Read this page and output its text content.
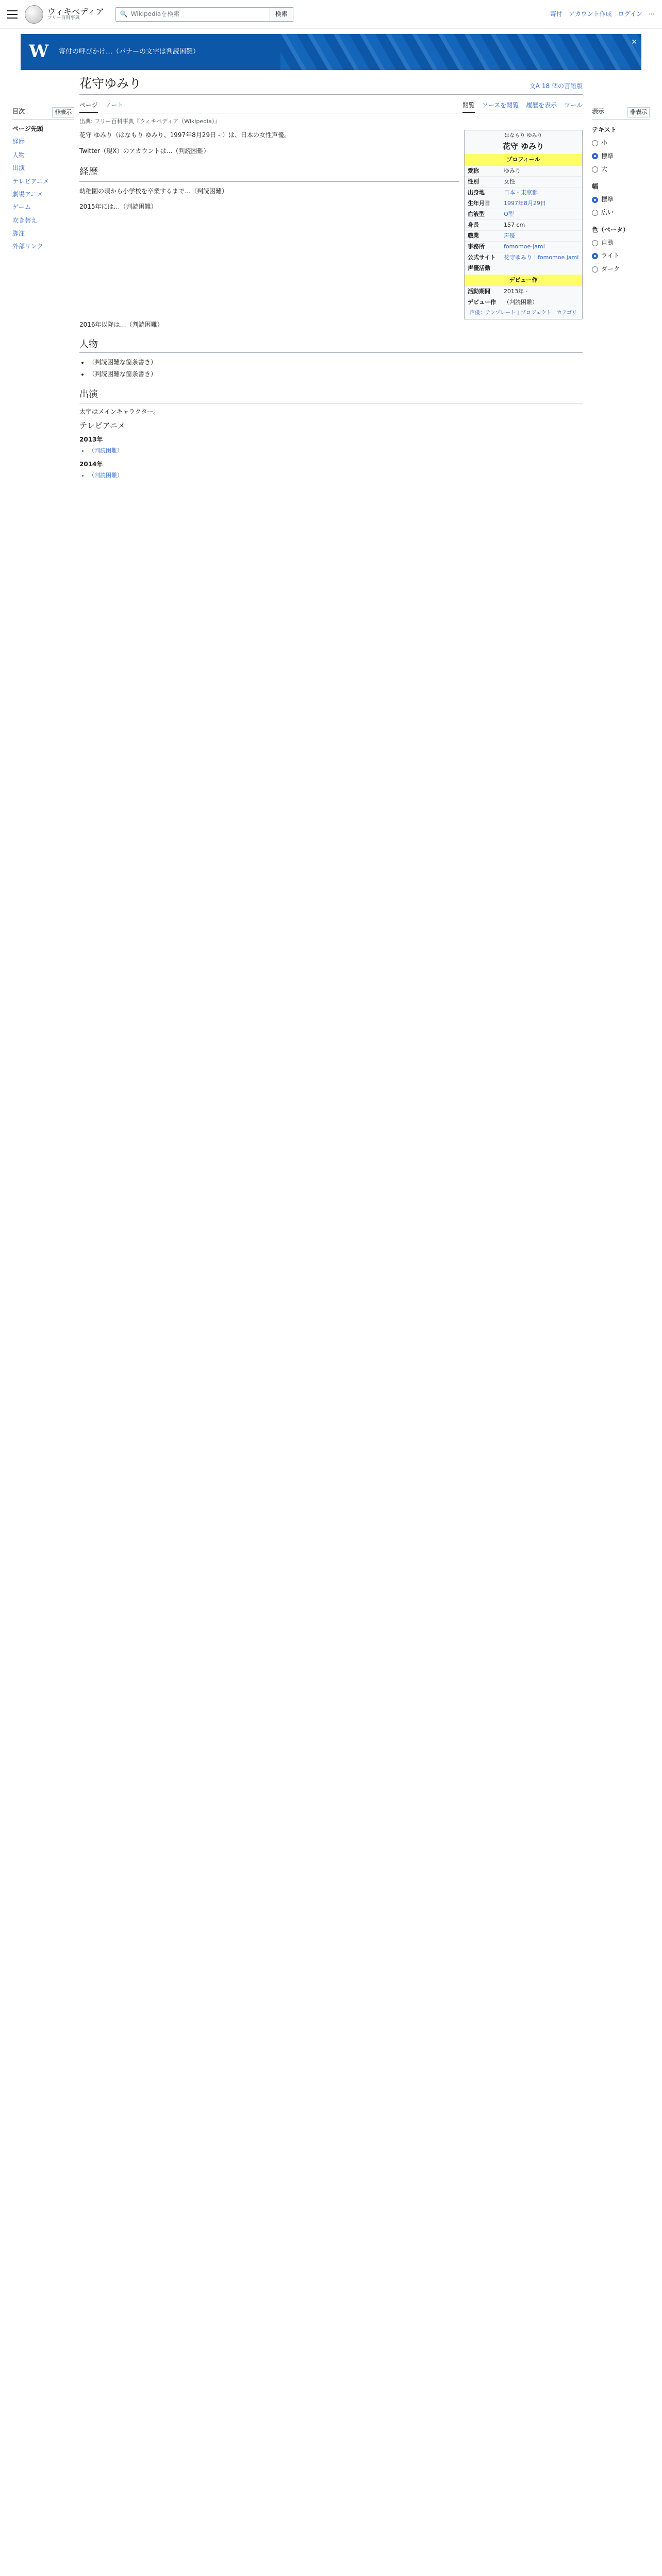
ウィキペディア
フリー百科事典
🔍 Wikipediaを検索	検索	寄付 アカウント作成 ログイン ⋯
W 寄付の呼びかけ…（バナーの文字は判読困難）
✕
目次	非表示
ページ先頭
経歴
人物
出演
テレビアニメ
劇場アニメ
ゲーム
吹き替え
脚注
外部リンク
花守ゆみり	文A 18 個の言語版
ページ ノート	閲覧 ソースを閲覧 履歴を表示 ツール
出典: フリー百科事典『ウィキペディア（Wikipedia）』

花守 ゆみり（はなもり ゆみり、1997年8月29日 - ）は、日本の女性声優。

Twitter（現X）のアカウントは…（判読困難）

経歴

幼稚園の頃から小学校を卒業するまで…（判読困難）

2015年には…（判読困難）

はなもり ゆみり
花守 ゆみり
プロフィール
愛称	ゆみり
性別	女性
出身地	日本・東京都
生年月日	1997年8月29日
血液型	O型
身長	157 cm
職業	声優
事務所	fomomoe-jami
公式サイト	花守ゆみり｜fomomoe jami
声優活動
デビュー作
活動期間	2013年 -
デビュー作	（判読困難）
声優：テンプレート | プロジェクト | カテゴリ

2016年以降は…（判読困難）

人物
• （判読困難な箇条書き）
• （判読困難な箇条書き）
出演

太字はメインキャラクター。

テレビアニメ
2013年
• （判読困難）
2014年
• （判読困難）
表示	非表示
テキスト
小
標準
大
幅
標準
広い
色（ベータ）
自動
ライト
ダーク
